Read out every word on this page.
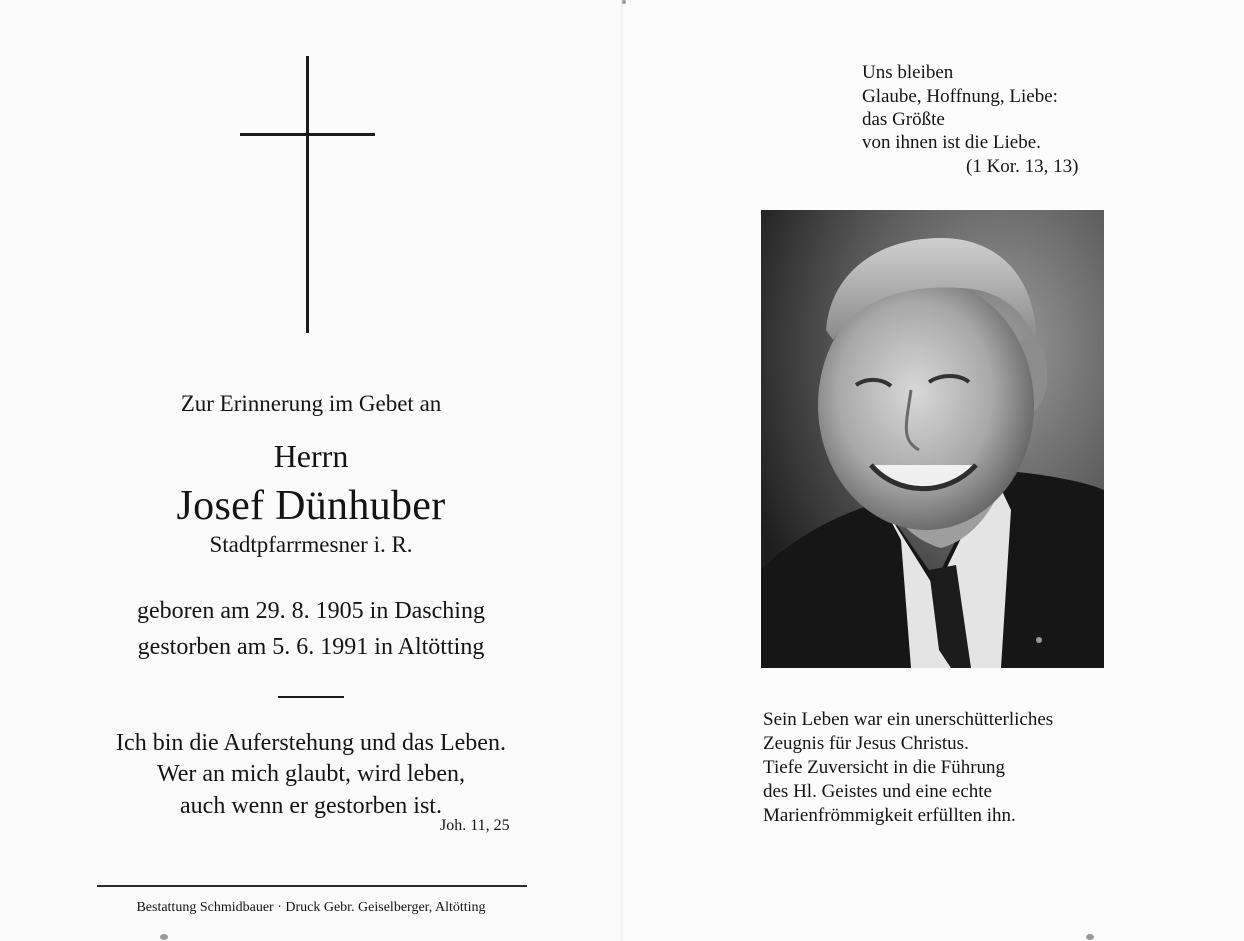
Zur Erinnerung im Gebet an
Herrn
Josef Dünhuber
Stadtpfarrmesner i. R.
geboren am 29. 8. 1905 in Dasching
gestorben am 5. 6. 1991 in Altötting
Ich bin die Auferstehung und das Leben.
Wer an mich glaubt, wird leben,
auch wenn er gestorben ist.
Joh. 11, 25
Bestattung Schmidbauer · Druck Gebr. Geiselberger, Altötting
Uns bleiben
Glaube, Hoffnung, Liebe:
das Größte
von ihnen ist die Liebe.
(1 Kor. 13, 13)
Sein Leben war ein unerschütterliches
Zeugnis für Jesus Christus.
Tiefe Zuversicht in die Führung
des Hl. Geistes und eine echte
Marienfrömmigkeit erfüllten ihn.
